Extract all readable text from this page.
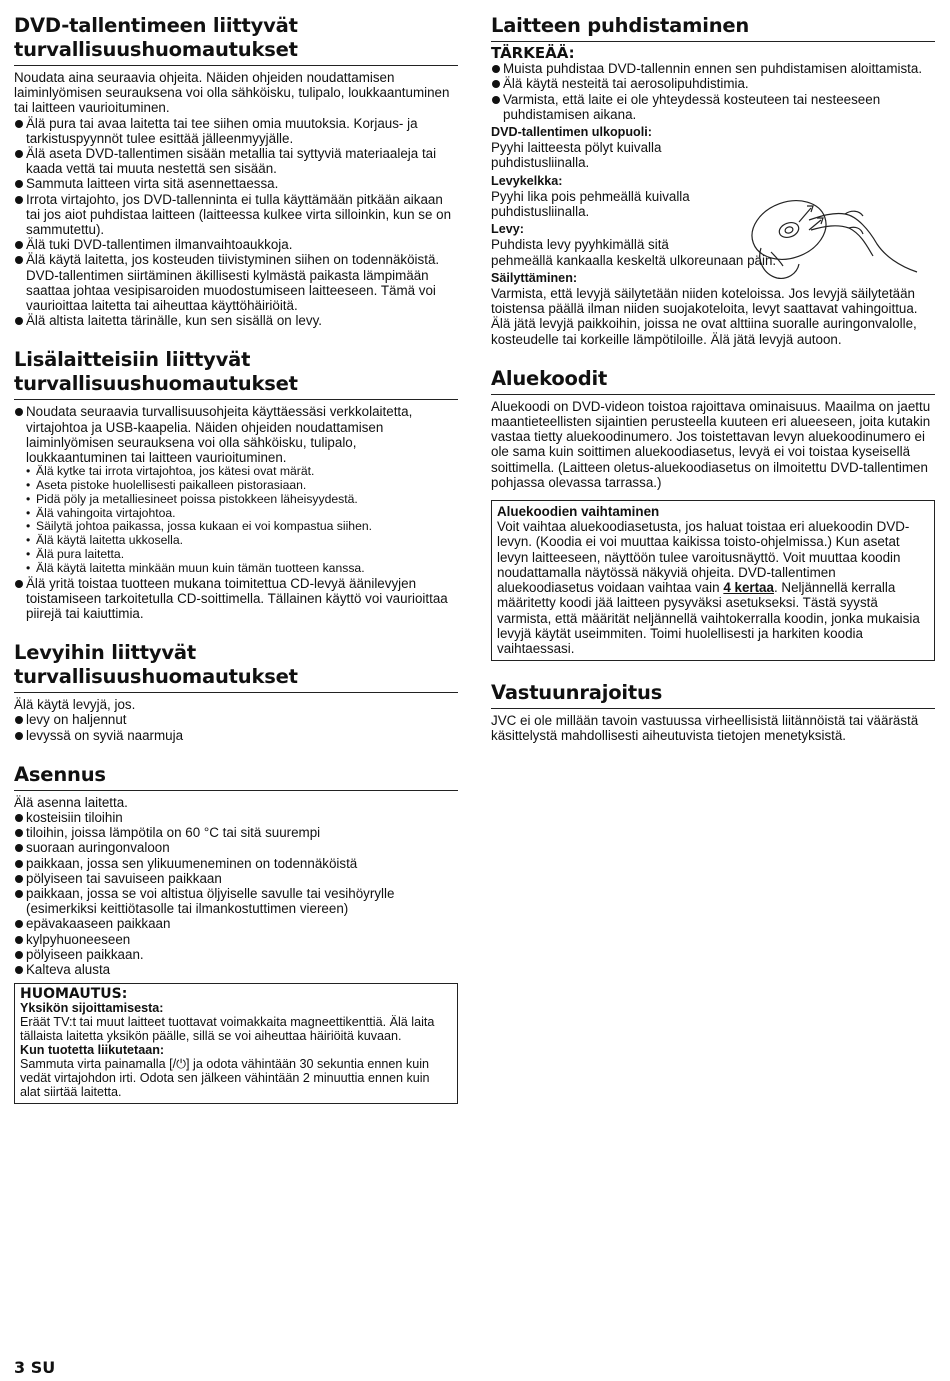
DVD-tallentimeen liittyvät
turvallisuushuomautukset

Noudata aina seuraavia ohjeita. Näiden ohjeiden noudattamisen laiminlyömisen seurauksena voi olla sähköisku, tulipalo, loukkaantuminen tai laitteen vaurioituminen.

Älä pura tai avaa laitetta tai tee siihen omia muutoksia. Korjaus- ja tarkistuspyynnöt tulee esittää jälleenmyyjälle.
Älä aseta DVD-tallentimen sisään metallia tai syttyviä materiaaleja tai kaada vettä tai muuta nestettä sen sisään.
Sammuta laitteen virta sitä asennettaessa.
Irrota virtajohto, jos DVD-tallenninta ei tulla käyttämään pitkään aikaan tai jos aiot puhdistaa laitteen (laitteessa kulkee virta silloinkin, kun se on sammutettu).
Älä tuki DVD-tallentimen ilmanvaihtoaukkoja.
Älä käytä laitetta, jos kosteuden tiivistyminen siihen on todennäköistä. DVD-tallentimen siirtäminen äkillisesti kylmästä paikasta lämpimään saattaa johtaa vesipisaroiden muodostumiseen laitteeseen. Tämä voi vaurioittaa laitetta tai aiheuttaa käyttöhäiriöitä.
Älä altista laitetta tärinälle, kun sen sisällä on levy.
Lisälaitteisiin liittyvät
turvallisuushuomautukset
Noudata seuraavia turvallisuusohjeita käyttäessäsi verkkolaitetta, virtajohtoa ja USB-kaapelia. Näiden ohjeiden noudattamisen laiminlyömisen seurauksena voi olla sähköisku, tulipalo, loukkaantuminen tai laitteen vaurioituminen.
• Älä kytke tai irrota virtajohtoa, jos kätesi ovat märät.
• Aseta pistoke huolellisesti paikalleen pistorasiaan.
• Pidä pöly ja metalliesineet poissa pistokkeen läheisyydestä.
• Älä vahingoita virtajohtoa.
• Säilytä johtoa paikassa, jossa kukaan ei voi kompastua siihen.
• Älä käytä laitetta ukkosella.
• Älä pura laitetta.
• Älä käytä laitetta minkään muun kuin tämän tuotteen kanssa.
Älä yritä toistaa tuotteen mukana toimitettua CD-levyä äänilevyjen toistamiseen tarkoitetulla CD-soittimella. Tällainen käyttö voi vaurioittaa piirejä tai kaiuttimia.
Levyihin liittyvät
turvallisuushuomautukset

Älä käytä levyjä, jos.

levy on haljennut
levyssä on syviä naarmuja
Asennus

Älä asenna laitetta.

kosteisiin tiloihin
tiloihin, joissa lämpötila on 60 °C tai sitä suurempi
suoraan auringonvaloon
paikkaan, jossa sen ylikuumeneminen on todennäköistä
pölyiseen tai savuiseen paikkaan
paikkaan, jossa se voi altistua öljyiselle savulle tai vesihöyrylle (esimerkiksi keittiötasolle tai ilmankostuttimen viereen)
epävakaaseen paikkaan
kylpyhuoneeseen
pölyiseen paikkaan.
Kalteva alusta
HUOMAUTUS:
Yksikön sijoittamisesta:

Eräät TV:t tai muut laitteet tuottavat voimakkaita magneettikenttiä. Älä laita tällaista laitetta yksikön päälle, sillä se voi aiheuttaa häiriöitä kuvaan.

Kun tuotetta liikutetaan:

Sammuta virta painamalla [/⏻] ja odota vähintään 30 sekuntia ennen kuin vedät virtajohdon irti. Odota sen jälkeen vähintään 2 minuuttia ennen kuin alat siirtää laitetta.

Laitteen puhdistaminen
TÄRKEÄÄ:
Muista puhdistaa DVD-tallennin ennen sen puhdistamisen aloittamista.
Älä käytä nesteitä tai aerosolipuhdistimia.
Varmista, että laite ei ole yhteydessä kosteuteen tai nesteeseen puhdistamisen aikana.
DVD-tallentimen ulkopuoli:

Pyyhi laitteesta pölyt kuivalla puhdistusliinalla.

Levykelkka:

Pyyhi lika pois pehmeällä kuivalla puhdistusliinalla.

Levy:

Puhdista levy pyyhkimällä sitä

pehmeällä kankaalla keskeltä ulkoreunaan päin.

Säilyttäminen:

Varmista, että levyjä säilytetään niiden koteloissa. Jos levyjä säilytetään toistensa päällä ilman niiden suojakoteloita, levyt saattavat vahingoittua. Älä jätä levyjä paikkoihin, joissa ne ovat alttiina suoralle auringonvalolle, kosteudelle tai korkeille lämpötiloille. Älä jätä levyjä autoon.

Aluekoodit

Aluekoodi on DVD-videon toistoa rajoittava ominaisuus. Maailma on jaettu maantieteellisten sijaintien perusteella kuuteen eri alueeseen, joita kutakin vastaa tietty aluekoodinumero. Jos toistettavan levyn aluekoodinumero ei ole sama kuin soittimen aluekoodiasetus, levyä ei voi toistaa kyseisellä soittimella. (Laitteen oletus-aluekoodiasetus on ilmoitettu DVD-tallentimen pohjassa olevassa tarrassa.)

Aluekoodien vaihtaminen

Voit vaihtaa aluekoodiasetusta, jos haluat toistaa eri aluekoodin DVD-levyn. (Koodia ei voi muuttaa kaikissa toisto-ohjelmissa.) Kun asetat levyn laitteeseen, näyttöön tulee varoitusnäyttö. Voit muuttaa koodin noudattamalla näytössä näkyviä ohjeita. DVD-tallentimen aluekoodiasetus voidaan vaihtaa vain 4 kertaa. Neljännellä kerralla määritetty koodi jää laitteen pysyväksi asetukseksi. Tästä syystä varmista, että määrität neljännellä vaihtokerralla koodin, jonka mukaisia levyjä käytät useimmiten. Toimi huolellisesti ja harkiten koodia vaihtaessasi.

Vastuunrajoitus

JVC ei ole millään tavoin vastuussa virheellisistä liitännöistä tai väärästä käsittelystä mahdollisesti aiheutuvista tietojen menetyksistä.

3 SU
